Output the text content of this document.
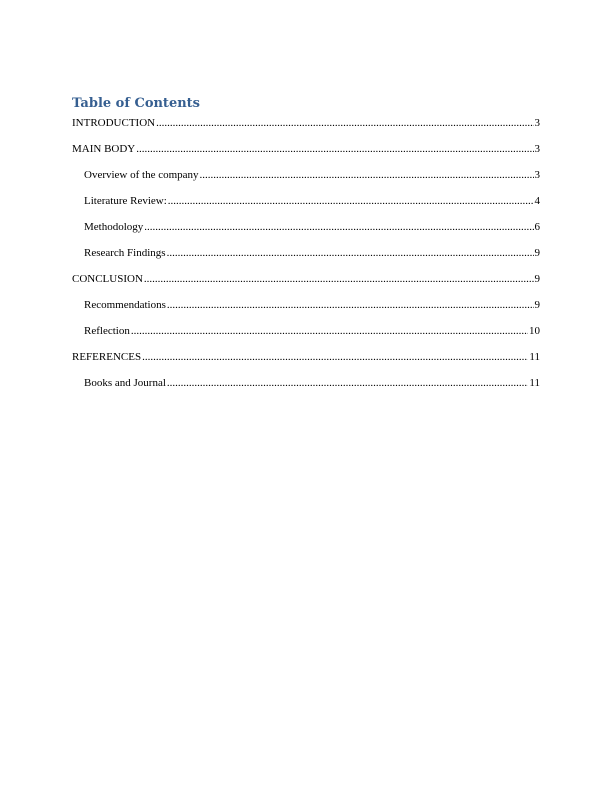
Table of Contents
INTRODUCTION .....	3
MAIN BODY .....	3
Overview of the company .....	3
Literature Review: .....	4
Methodology .....	6
Research Findings .....	9
CONCLUSION .....	9
Recommendations .....	9
Reflection .....	10
REFERENCES .....	11
Books and Journal .....	11
